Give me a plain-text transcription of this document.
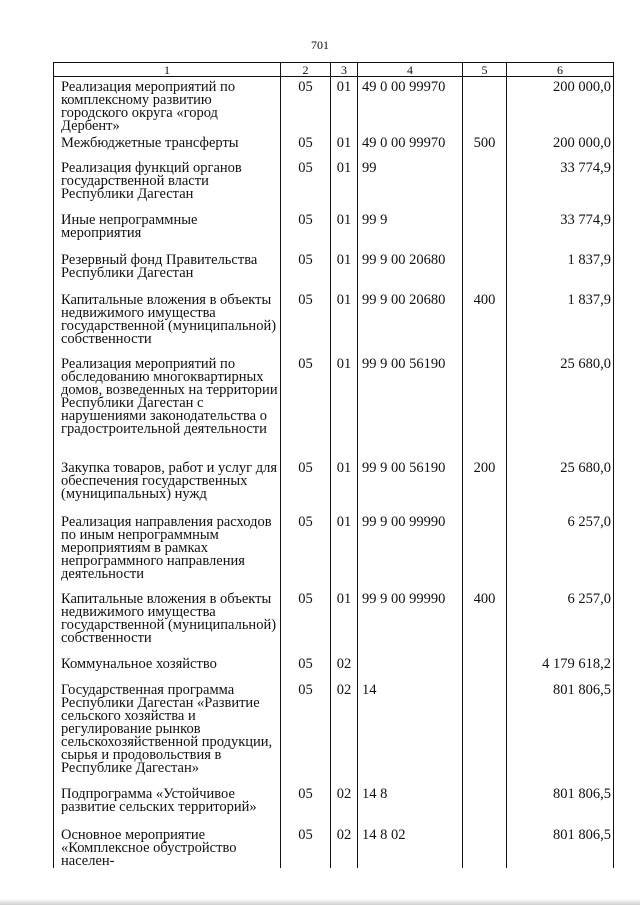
701
1	2	3	4	5	6
Реализация мероприятий по комплексному развитию городского округа «город Дербент»	05	01	49 0 00 99970		200 000,0
Межбюджетные трансферты	05	01	49 0 00 99970	500	200 000,0
Реализация функций органов государственной власти Республики Дагестан	05	01	99		33 774,9
Иные непрограммные мероприятия	05	01	99 9		33 774,9
Резервный фонд Правительства Республики Дагестан	05	01	99 9 00 20680		1 837,9
Капитальные вложения в объекты недвижимого имущества государственной (муниципальной) собственности	05	01	99 9 00 20680	400	1 837,9
Реализация мероприятий по обследованию многоквартирных домов, возведенных на территории Республики Дагестан с нарушениями законодательства о градостроительной деятельности	05	01	99 9 00 56190		25 680,0
Закупка товаров, работ и услуг для обеспечения государственных (муниципальных) нужд	05	01	99 9 00 56190	200	25 680,0
Реализация направления расходов по иным непрограммным мероприятиям в рамках непрограммного направления деятельности	05	01	99 9 00 99990		6 257,0
Капитальные вложения в объекты недвижимого имущества государственной (муниципальной) собственности	05	01	99 9 00 99990	400	6 257,0
Коммунальное хозяйство	05	02			4 179 618,2
Государственная программа Республики Дагестан «Развитие сельского хозяйства и регулирование рынков сельскохозяйственной продукции, сырья и продовольствия в Республике Дагестан»	05	02	14		801 806,5
Подпрограмма «Устойчивое развитие сельских территорий»	05	02	14 8		801 806,5
Основное мероприятие «Комплексное обустройство населен-	05	02	14 8 02		801 806,5
